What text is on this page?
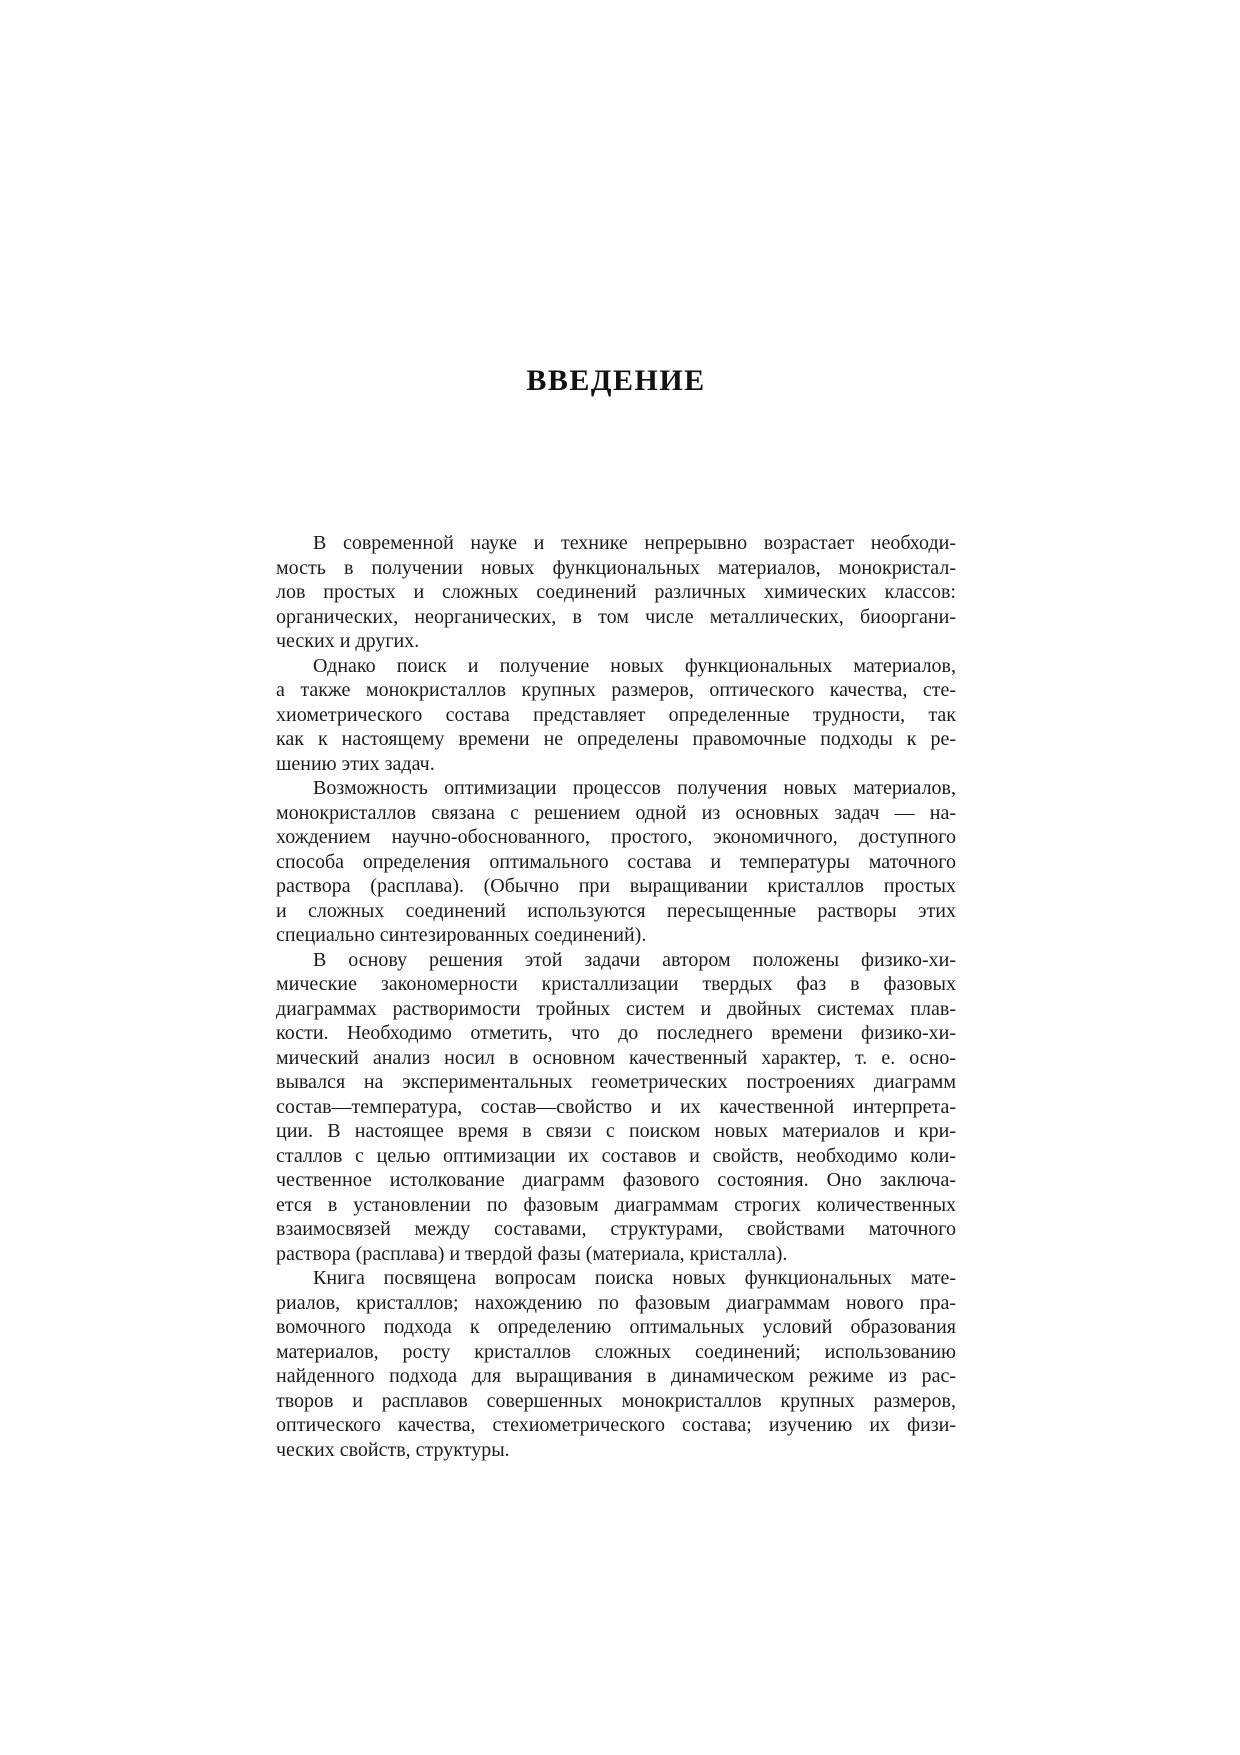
ВВЕДЕНИЕ
В современной науке и технике непрерывно возрастает необходи-
мость в получении новых функциональных материалов, монокристал-
лов простых и сложных соединений различных химических классов:
органических, неорганических, в том числе металлических, биооргани-
ческих и других.
Однако поиск и получение новых функциональных материалов,
а также монокристаллов крупных размеров, оптического качества, сте-
хиометрического состава представляет определенные трудности, так
как к настоящему времени не определены правомочные подходы к ре-
шению этих задач.
Возможность оптимизации процессов получения новых материалов,
монокристаллов связана с решением одной из основных задач — на-
хождением научно-обоснованного, простого, экономичного, доступного
способа определения оптимального состава и температуры маточного
раствора (расплава). (Обычно при выращивании кристаллов простых
и сложных соединений используются пересыщенные растворы этих
специально синтезированных соединений).
В основу решения этой задачи автором положены физико-хи-
мические закономерности кристаллизации твердых фаз в фазовых
диаграммах растворимости тройных систем и двойных системах плав-
кости. Необходимо отметить, что до последнего времени физико-хи-
мический анализ носил в основном качественный характер, т. е. осно-
вывался на экспериментальных геометрических построениях диаграмм
состав—температура, состав—свойство и их качественной интерпрета-
ции. В настоящее время в связи с поиском новых материалов и кри-
сталлов с целью оптимизации их составов и свойств, необходимо коли-
чественное истолкование диаграмм фазового состояния. Оно заключа-
ется в установлении по фазовым диаграммам строгих количественных
взаимосвязей между составами, структурами, свойствами маточного
раствора (расплава) и твердой фазы (материала, кристалла).
Книга посвящена вопросам поиска новых функциональных мате-
риалов, кристаллов; нахождению по фазовым диаграммам нового пра-
вомочного подхода к определению оптимальных условий образования
материалов, росту кристаллов сложных соединений; использованию
найденного подхода для выращивания в динамическом режиме из рас-
творов и расплавов совершенных монокристаллов крупных размеров,
оптического качества, стехиометрического состава; изучению их физи-
ческих свойств, структуры.
